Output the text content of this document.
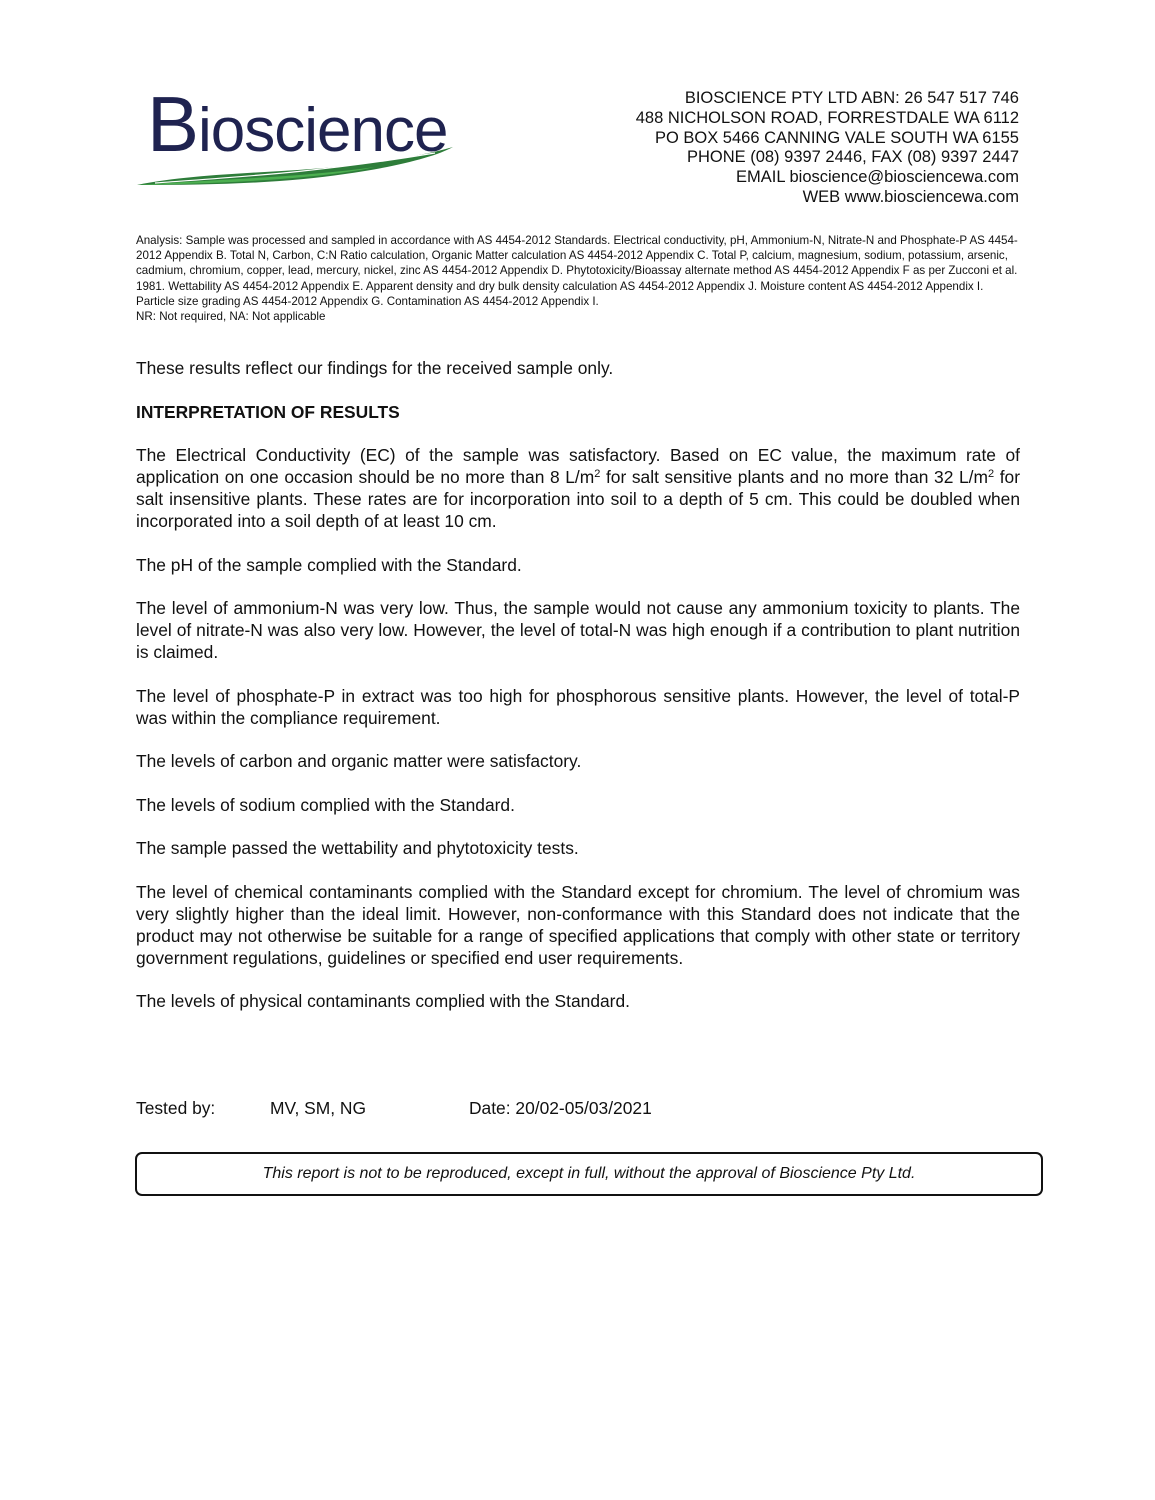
Bioscience	BIOSCIENCE PTY LTD ABN: 26 547 517 746
488 NICHOLSON ROAD, FORRESTDALE WA 6112
PO BOX 5466 CANNING VALE SOUTH WA 6155
PHONE (08) 9397 2446, FAX (08) 9397 2447
EMAIL bioscience@biosciencewa.com
WEB www.biosciencewa.com
Analysis: Sample was processed and sampled in accordance with AS 4454-2012 Standards. Electrical conductivity, pH, Ammonium-N, Nitrate-N and Phosphate-P AS 4454-2012 Appendix B. Total N, Carbon, C:N Ratio calculation, Organic Matter calculation AS 4454-2012 Appendix C. Total P, calcium, magnesium, sodium, potassium, arsenic, cadmium, chromium, copper, lead, mercury, nickel, zinc AS 4454-2012 Appendix D. Phytotoxicity/Bioassay alternate method AS 4454-2012 Appendix F as per Zucconi et al. 1981. Wettability AS 4454-2012 Appendix E. Apparent density and dry bulk density calculation AS 4454-2012 Appendix J. Moisture content AS 4454-2012 Appendix I. Particle size grading AS 4454-2012 Appendix G. Contamination AS 4454-2012 Appendix I.
NR: Not required, NA: Not applicable

These results reflect our findings for the received sample only.

INTERPRETATION OF RESULTS

The Electrical Conductivity (EC) of the sample was satisfactory. Based on EC value, the maximum rate of application on one occasion should be no more than 8 $L/m^2$ for salt sensitive plants and no more than 32 $L/m^2$ for salt insensitive plants. These rates are for incorporation into soil to a depth of 5 cm. This could be doubled when incorporated into a soil depth of at least 10 cm.

The pH of the sample complied with the Standard.

The level of ammonium-N was very low. Thus, the sample would not cause any ammonium toxicity to plants. The level of nitrate-N was also very low. However, the level of total-N was high enough if a contribution to plant nutrition is claimed.

The level of phosphate-P in extract was too high for phosphorous sensitive plants. However, the level of total-P was within the compliance requirement.

The levels of carbon and organic matter were satisfactory.

The levels of sodium complied with the Standard.

The sample passed the wettability and phytotoxicity tests.

The level of chemical contaminants complied with the Standard except for chromium. The level of chromium was very slightly higher than the ideal limit. However, non-conformance with this Standard does not indicate that the product may not otherwise be suitable for a range of specified applications that comply with other state or territory government regulations, guidelines or specified end user requirements.

The levels of physical contaminants complied with the Standard.

Tested by:	MV, SM, NG	Date: 20/02-05/03/2021
This report is not to be reproduced, except in full, without the approval of Bioscience Pty Ltd.
